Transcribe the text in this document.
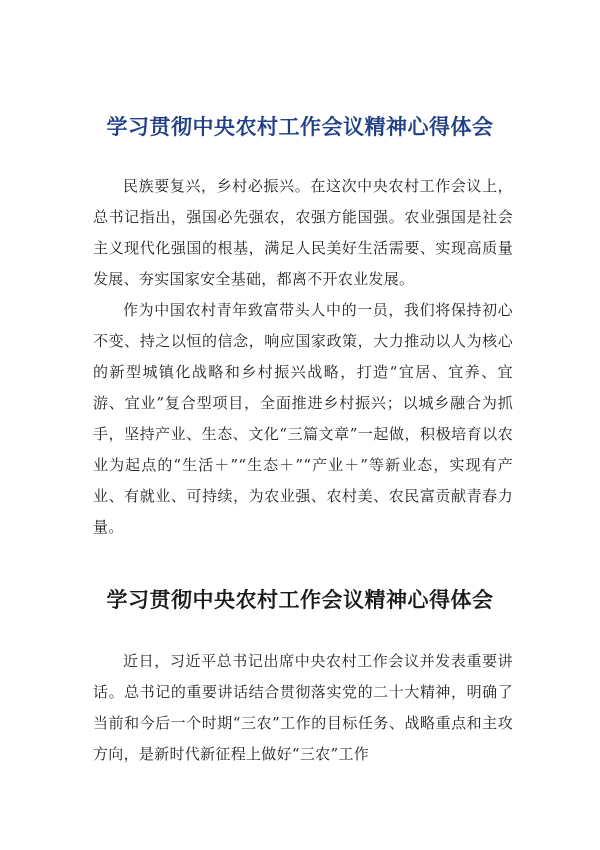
学习贯彻中央农村工作会议精神心得体会

民族要复兴，乡村必振兴。在这次中央农村工作会议上，总书记指出，强国必先强农，农强方能国强。农业强国是社会主义现代化强国的根基，满足人民美好生活需要、实现高质量发展、夯实国家安全基础，都离不开农业发展。

作为中国农村青年致富带头人中的一员，我们将保持初心不变、持之以恒的信念，响应国家政策，大力推动以人为核心的新型城镇化战略和乡村振兴战略，打造“宜居、宜养、宜游、宜业”复合型项目，全面推进乡村振兴；以城乡融合为抓手，坚持产业、生态、文化“三篇文章”一起做，积极培育以农业为起点的“生活＋”“生态＋”“产业＋”等新业态，实现有产业、有就业、可持续，为农业强、农村美、农民富贡献青春力量。

学习贯彻中央农村工作会议精神心得体会

近日，习近平总书记出席中央农村工作会议并发表重要讲话。总书记的重要讲话结合贯彻落实党的二十大精神，明确了当前和今后一个时期“三农”工作的目标任务、战略重点和主攻方向，是新时代新征程上做好“三农”工作
